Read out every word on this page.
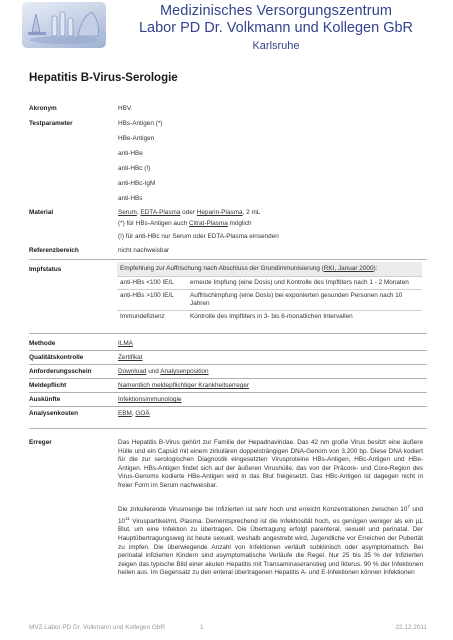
Medizinisches Versorgungszentrum
Labor PD Dr. Volkmann und Kollegen GbR
Karlsruhe
Hepatitis B-Virus-Serologie
Akronym	HBV
Testparameter	HBs-Antigen (*)
HBe-Antigen
anti-HBe
anti-HBc (!)
anti-HBc-IgM
anti-HBs
Material	Serum, EDTA-Plasma oder Heparin-Plasma, 2 mL
(*) für HBs-Antigen auch Citrat-Plasma möglich
(!) für anti-HBc nur Serum oder EDTA-Plasma einsenden
Referenzbereich	nicht nachweisbar
Impfstatus	Empfehlung zur Auffrischung nach Abschluss der Grundimmunisierung (RKI, Januar 2000):
anti-HBs <100 IE/L	erneute Impfung (eine Dosis) und Kontrolle des Impftiters nach 1 - 2 Monaten
anti-HBs >100 IE/L	Auffrischimpfung (eine Dosis) bei exponierten gesunden Personen nach 10 Jahren
Immundefizienz	Kontrolle des Impftiters in 3- bis 6-monatlichen Intervallen
Methode	ILMA
Qualitätskontrolle	Zertifikat
Anforderungsschein	Download und Analysenposition
Meldepflicht	Namentlich meldepflichtiger Krankheitserreger
Auskünfte	Infektionsimmunologie
Analysenkosten	EBM, GOÄ
Erreger	Das Hepatitis B-Virus gehört zur Familie der Hepadnaviridae. Das 42 nm große Virus besitzt eine äußere Hülle und ein Capsid mit einem zirkulären doppelsträngigen DNA-Genom von 3.200 bp. Diese DNA kodiert für die zur serologischen Diagnostik eingesetzten Virusproteine HBs-Antigen, HBc-Antigen und HBe-Antigen. HBs-Antigen findet sich auf der äußeren Virushülle, das von der Präcore- und Core-Region des Virus-Genoms kodierte HBe-Antigen wird in das Blut freigesetzt. Das HBc-Antigen ist dagegen nicht in freier Form im Serum nachweisbar.
Die zirkulierende Virusmenge bei Infizierten ist sehr hoch und erreicht Konzentrationen zwischen $10^7$ und $10^{11}$ Viruspartikel/mL Plasma. Dementsprechend ist die Infektiosität hoch, es genügen weniger als ein µL Blut, um eine Infektion zu übertragen. Die Übertragung erfolgt parenteral, sexuell und perinatal. Der Hauptübertragungsweg ist heute sexuell, weshalb angestrebt wird, Jugendliche vor Erreichen der Pubertät zu impfen. Die überwiegende Anzahl von Infektionen verläuft subklinisch oder asymptomatisch. Bei perinatal infizierten Kindern sind asymptomatische Verläufe die Regel. Nur 25 bis 35 % der Infizierten zeigen das typische Bild einer akuten Hepatitis mit Transaminaseranstieg und Ikterus. 90 % der Infektionen heilen aus. Im Gegensatz zu den enteral übertragenen Hepatitis A- und E-Infektionen können Infektionen
MVZ Labor PD Dr. Volkmann und Kollegen GbR	1	22.12.2011
